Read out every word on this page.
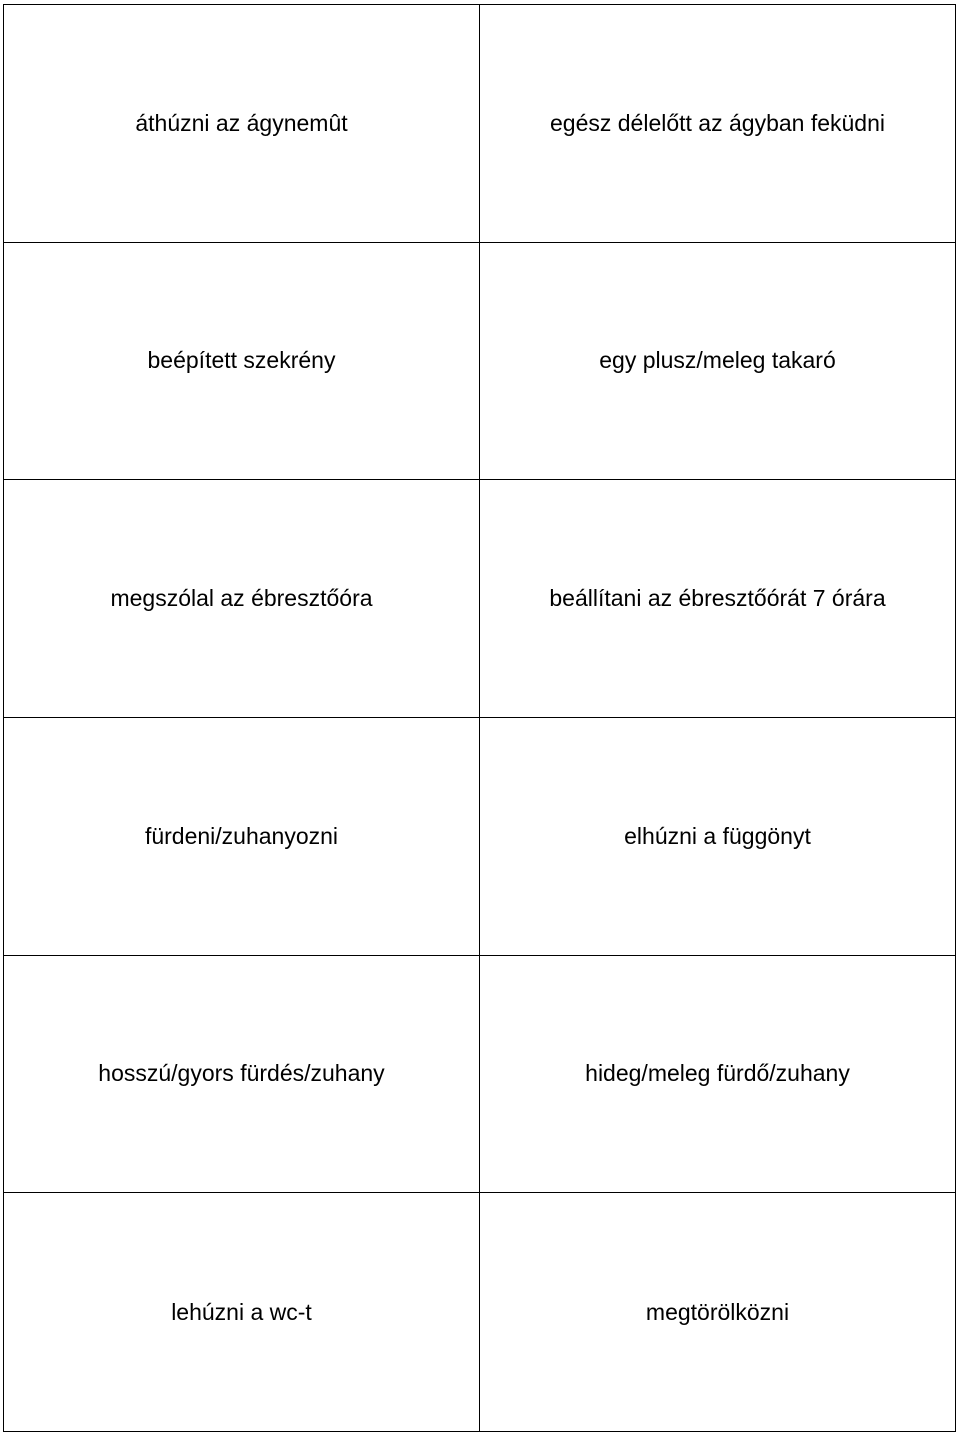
áthúzni az ágynemût	egész délelőtt az ágyban feküdni
beépített szekrény	egy plusz/meleg takaró
megszólal az ébresztőóra	beállítani az ébresztőórát 7 órára
fürdeni/zuhanyozni	elhúzni a függönyt
hosszú/gyors fürdés/zuhany	hideg/meleg fürdő/zuhany
lehúzni a wc-t	megtörölközni
